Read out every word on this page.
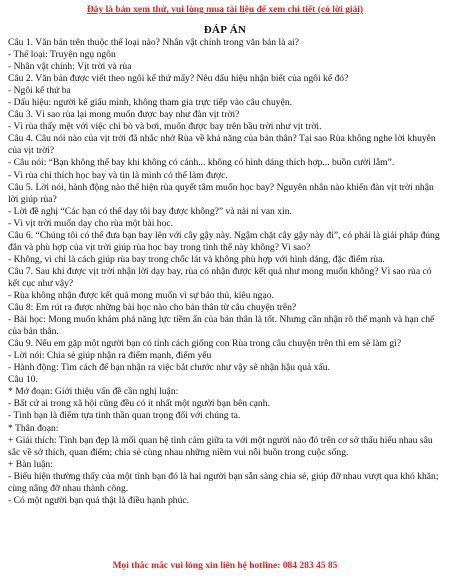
Đây là bản xem thử, vui lòng mua tài liệu để xem chi tiết (có lời giải)
ĐÁP ÁN

Câu 1. Văn bản trên thuộc thể loại nào? Nhân vật chính trong văn bản là ai?

- Thể loại: Truyện ngụ ngôn

- Nhân vật chính: Vịt trời và rùa

Câu 2. Văn bản được viết theo ngôi kể thứ mấy? Nêu dấu hiệu nhận biết của ngôi kể đó?

- Ngôi kể thứ ba

- Dấu hiệu: người kể giấu mình, không tham gia trực tiếp vào câu chuyện.

Câu 3. Vì sao rùa lại mong muốn được bay như đàn vịt trời?

- Vì rùa thấy mệt với việc chỉ bò và bơi, muốn được bay trên bầu trời như vịt trời.

Câu 4. Câu nói nào của vịt trời đã nhắc nhở Rùa về khả năng của bản thân? Tại sao Rùa không nghe lời khuyên của vịt trời?

- Câu nói: “Bạn không thể bay khi không có cánh... không có hình dáng thích hợp... buồn cười lắm”.

- Vì rùa chỉ thích học bay và tin là mình có thể làm được.

Câu 5. Lời nói, hành động nào thể hiện rùa quyết tâm muốn học bay? Nguyên nhân nào khiến đàn vịt trời nhận lời giúp rùa?

- Lời đề nghị “Các bạn có thể dạy tôi bay được không?” và nài nỉ van xin.

- Vì vịt trời muốn dạy cho rùa một bài học.

Câu 6. “Chúng tôi có thể đưa bạn bay lên với cây gậy này. Ngậm chặt cây gậy này đi”, có phải là giải pháp đúng đắn và phù hợp của vịt trời giúp rùa học bay trong tình thế này không? Vì sao?

- Không, vì chỉ là cách giúp rùa bay trong chốc lát và không phù hợp với hình dáng, đặc điểm rùa.

Câu 7. Sau khi được vịt trời nhận lời dạy bay, rùa có nhận được kết quả như mong muốn không? Vì sao rùa có kết cục như vậy?

- Rùa không nhận được kết quả mong muốn vì sự bảo thủ, kiêu ngạo.

Câu 8: Em rút ra được những bài học nào cho bản thân từ câu chuyện trên?

- Bài học: Mong muốn khám phá năng lực tiềm ẩn của bản thân là tốt. Nhưng cần nhận rõ thế mạnh và hạn chế của bản thân.

Câu 9. Nếu em gặp một người bạn có tính cách giống con Rùa trong câu chuyện trên thì em sẽ làm gì?

- Lời nói: Chia sẻ giúp nhận ra điểm mạnh, điểm yếu

- Hành động: Tìm cách để bạn nhận ra việc bắt chước như vậy sẽ nhận hậu quả xấu.

Câu 10.

* Mở đoạn: Giới thiệu vấn đề cần nghị luận:

- Bất cứ ai trong xã hội cũng đều có ít nhất một người bạn bên cạnh.

- Tình bạn là điểm tựa tinh thần quan trọng đối với chúng ta.

* Thân đoạn:

+ Giải thích: Tình bạn đẹp là mối quan hệ tình cảm giữa ta với một người nào đó trên cơ sở thấu hiểu nhau sâu sắc về sở thích, quan điểm; chia sẻ cùng nhau những niềm vui nỗi buồn trong cuộc sống.

+ Bàn luận:

- Biểu hiện thường thấy của một tình bạn đó là hai người bạn sẵn sàng chia sẻ, giúp đỡ nhau vượt qua khó khăn; cùng nâng đỡ nhau thành công.

- Có một người bạn quả thật là điều hạnh phúc.

Mọi thắc mắc vui lòng xin liên hệ hotline: 084 283 45 85
